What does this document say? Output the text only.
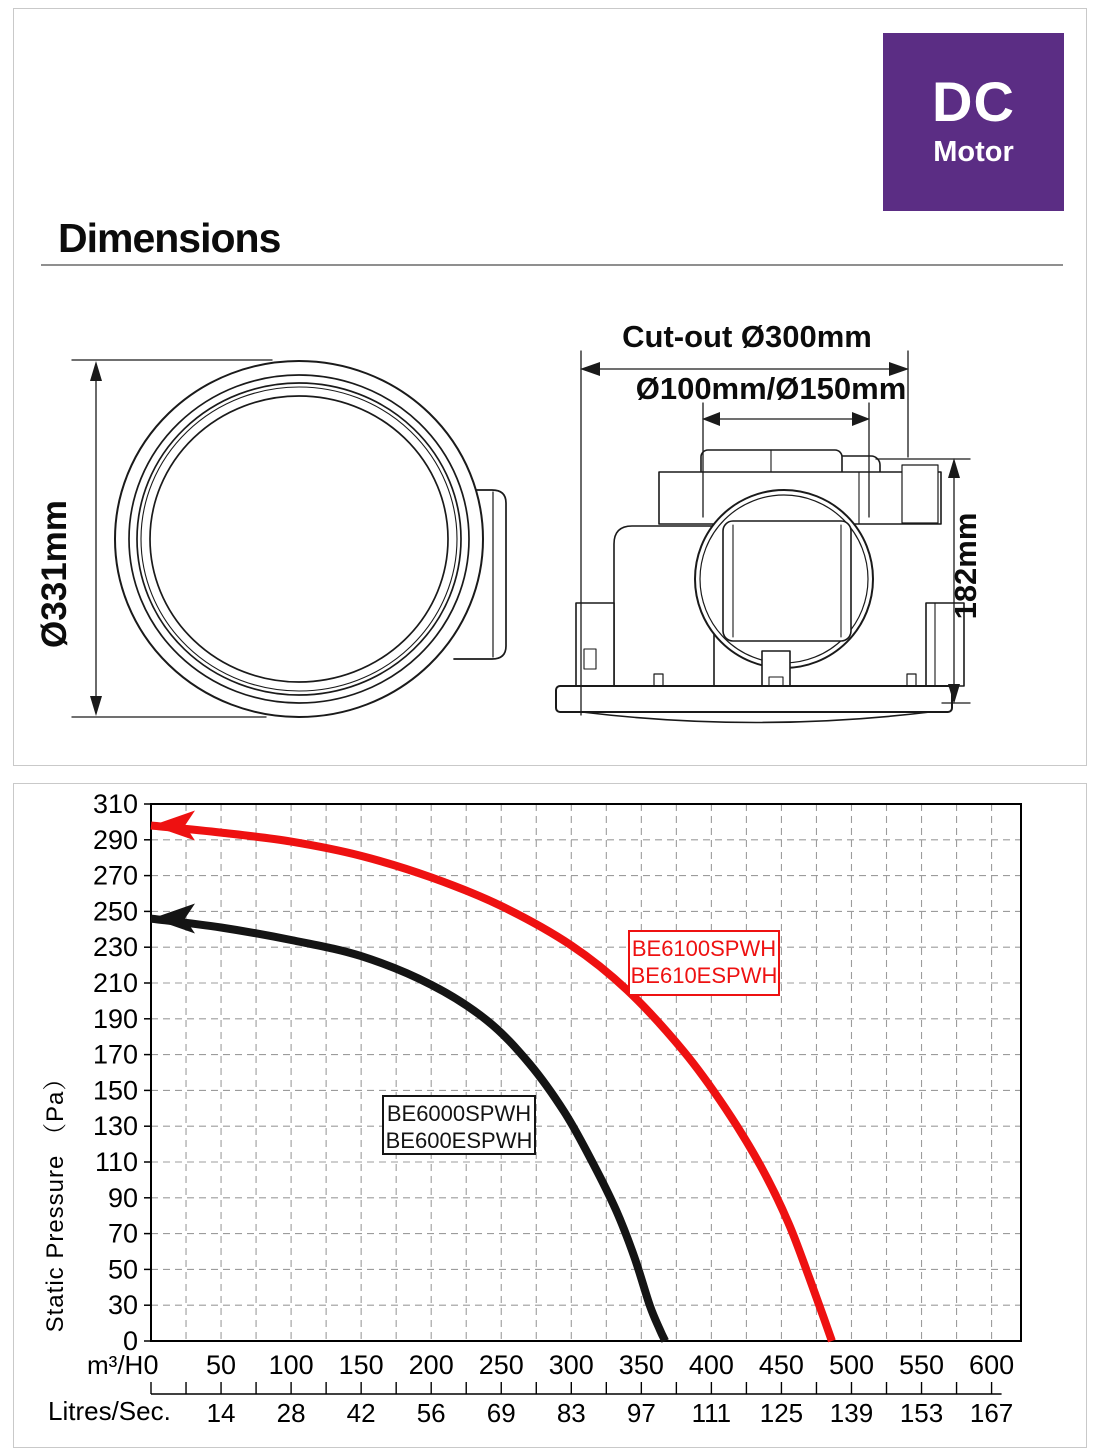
DC
Motor
Dimensions
Ø331mm
Cut-out Ø300mm
Ø100mm/Ø150mm
182mm
310
290
270
250
230
210
190
170
150
130
110
90
70
50
30
0
0 50 100 150 200 250 300 350 400 450 500 550 600
m³/H
14 28 42 56 69 83 97 111 125 139 153 167
Litres/Sec.
Static Pressure （Pa）
BE6100SPWH
BE610ESPWH
BE6000SPWH
BE600ESPWH
